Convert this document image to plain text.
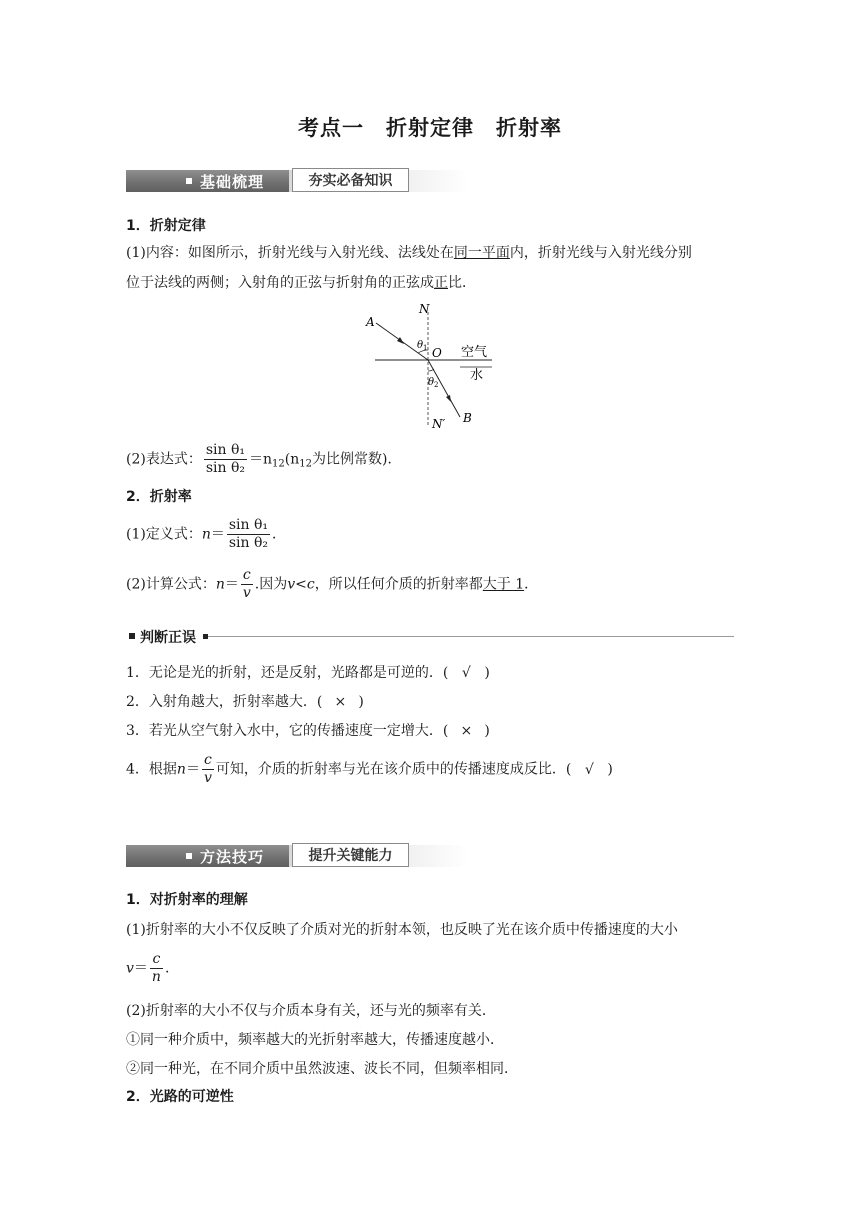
考点一　折射定律　折射率
基础梳理	夯实必备知识
1．折射定律
(1)内容：如图所示，折射光线与入射光线、法线处在同一平面内，折射光线与入射光线分别
位于法线的两侧；入射角的正弦与折射角的正弦成正比．
A
B
N
N′
O
θ 1
θ 2
空气
水
(2)表达式： $\frac{\text{sin θ₁}}{\text{sin θ₂}} =n_{12}(n_{12}$为比例常数)．
2．折射率
(1)定义式：$n= \frac{\text{sin θ₁}}{\text{sin θ₂}}$ ．
(2)计算公式：$n= \frac{c}{v}$ .因为v<c，所以任何介质的折射率都大于 1．
判断正误
1．无论是光的折射，还是反射，光路都是可逆的．( √ )
2．入射角越大，折射率越大．( × )
3．若光从空气射入水中，它的传播速度一定增大．( × )
4．根据$n= \frac{c}{v}$ 可知，介质的折射率与光在该介质中的传播速度成反比．( √ )
方法技巧	提升关键能力
1．对折射率的理解
(1)折射率的大小不仅反映了介质对光的折射本领，也反映了光在该介质中传播速度的大小
$v= \frac{c}{n}$ .
(2)折射率的大小不仅与介质本身有关，还与光的频率有关．
①同一种介质中，频率越大的光折射率越大，传播速度越小．
②同一种光，在不同介质中虽然波速、波长不同，但频率相同．
2．光路的可逆性
